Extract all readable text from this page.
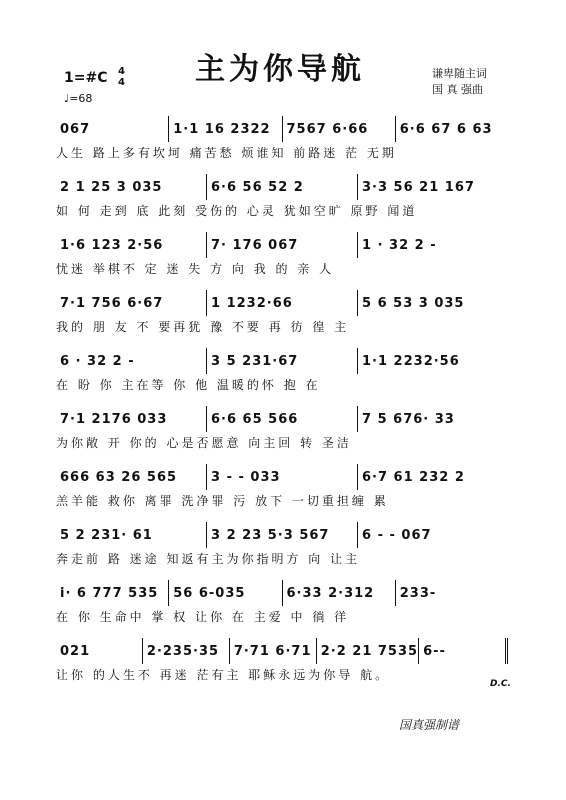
1=#C 4
4
♩=68
主为你导航	谦卑随主词
国 真 强曲
067	1·1 16 2322	7567 6·66	6·6 67 6 63
人生 路上多有坎坷 痛苦愁 烦谁知 前路迷 茫 无期
2 1 25 3 035	6·6 56 52 2	3·3 56 21 167
如 何 走到 底 此刻 受伤的 心灵 犹如空旷 原野 闻道
1·6 123 2·56	7· 176 067	1 · 32 2 -
忧迷 举棋不 定 迷 失 方 向 我 的 亲 人
7·1 756 6·67	1 1232·66	5 6 53 3 035
我的 朋 友 不 要再犹 豫 不要 再 彷 徨 主
6 · 32 2 -	3 5 231·67	1·1 2232·56
在 盼 你 主在等 你 他 温暖的怀 抱 在
7·1 2176 033	6·6 65 566	7 5 676· 33
为你敞 开 你的 心是否愿意 向主回 转 圣洁
666 63 26 565	3 - - 033	6·7 61 232 2
羔羊能 救你 离罪 洗净罪 污 放下 一切重担缠 累
5 2 231· 61	3 2 23 5·3 567	6 - - 067
奔走前 路 迷途 知返有主为你指明方 向 让主
i· 6 777 535	56 6-035	6·33 2·312	233-
在 你 生命中 掌 权 让你 在 主爱 中 徜 徉
021	2·235·35	7·71 6·71 2·2 21 7535 6--
让你 的人生不 再迷 茫有主 耶稣永远为你导 航。
D.C.
国真强制谱
